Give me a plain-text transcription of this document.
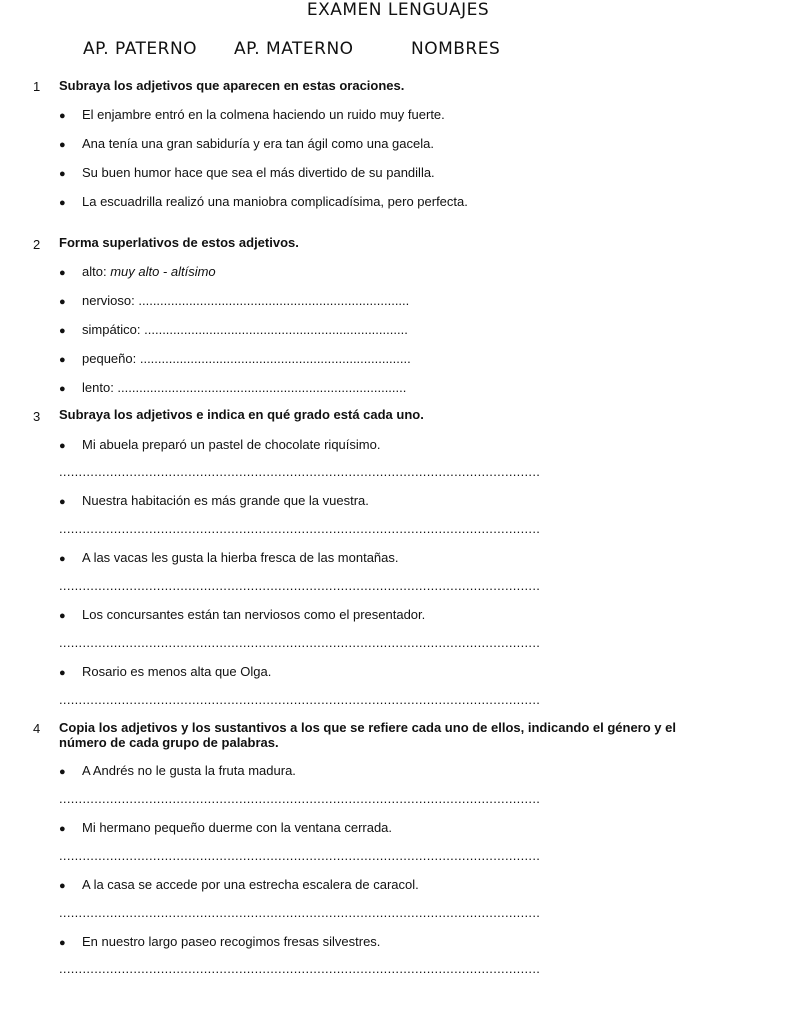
EXAMEN LENGUAJES
AP. PATERNO AP. MATERNO	NOMBRES
1 Subraya los adjetivos que aparecen en estas oraciones.
● El enjambre entró en la colmena haciendo un ruido muy fuerte.
● Ana tenía una gran sabiduría y era tan ágil como una gacela.
● Su buen humor hace que sea el más divertido de su pandilla.
● La escuadrilla realizó una maniobra complicadísima, pero perfecta.
2 Forma superlativos de estos adjetivos.
● alto: muy alto - altísimo
● nervioso: ...........................................................................
● simpático: .........................................................................
● pequeño: ...........................................................................
● lento: ................................................................................
3 Subraya los adjetivos e indica en qué grado está cada uno.
● Mi abuela preparó un pastel de chocolate riquísimo.
...........................................................................................................................
● Nuestra habitación es más grande que la vuestra.
...........................................................................................................................
● A las vacas les gusta la hierba fresca de las montañas.
...........................................................................................................................
● Los concursantes están tan nerviosos como el presentador.
...........................................................................................................................
● Rosario es menos alta que Olga.
...........................................................................................................................
4 Copia los adjetivos y los sustantivos a los que se refiere cada uno de ellos, indicando el género y el número de cada grupo de palabras.
● A Andrés no le gusta la fruta madura.
...........................................................................................................................
● Mi hermano pequeño duerme con la ventana cerrada.
...........................................................................................................................
● A la casa se accede por una estrecha escalera de caracol.
...........................................................................................................................
● En nuestro largo paseo recogimos fresas silvestres.
...........................................................................................................................
